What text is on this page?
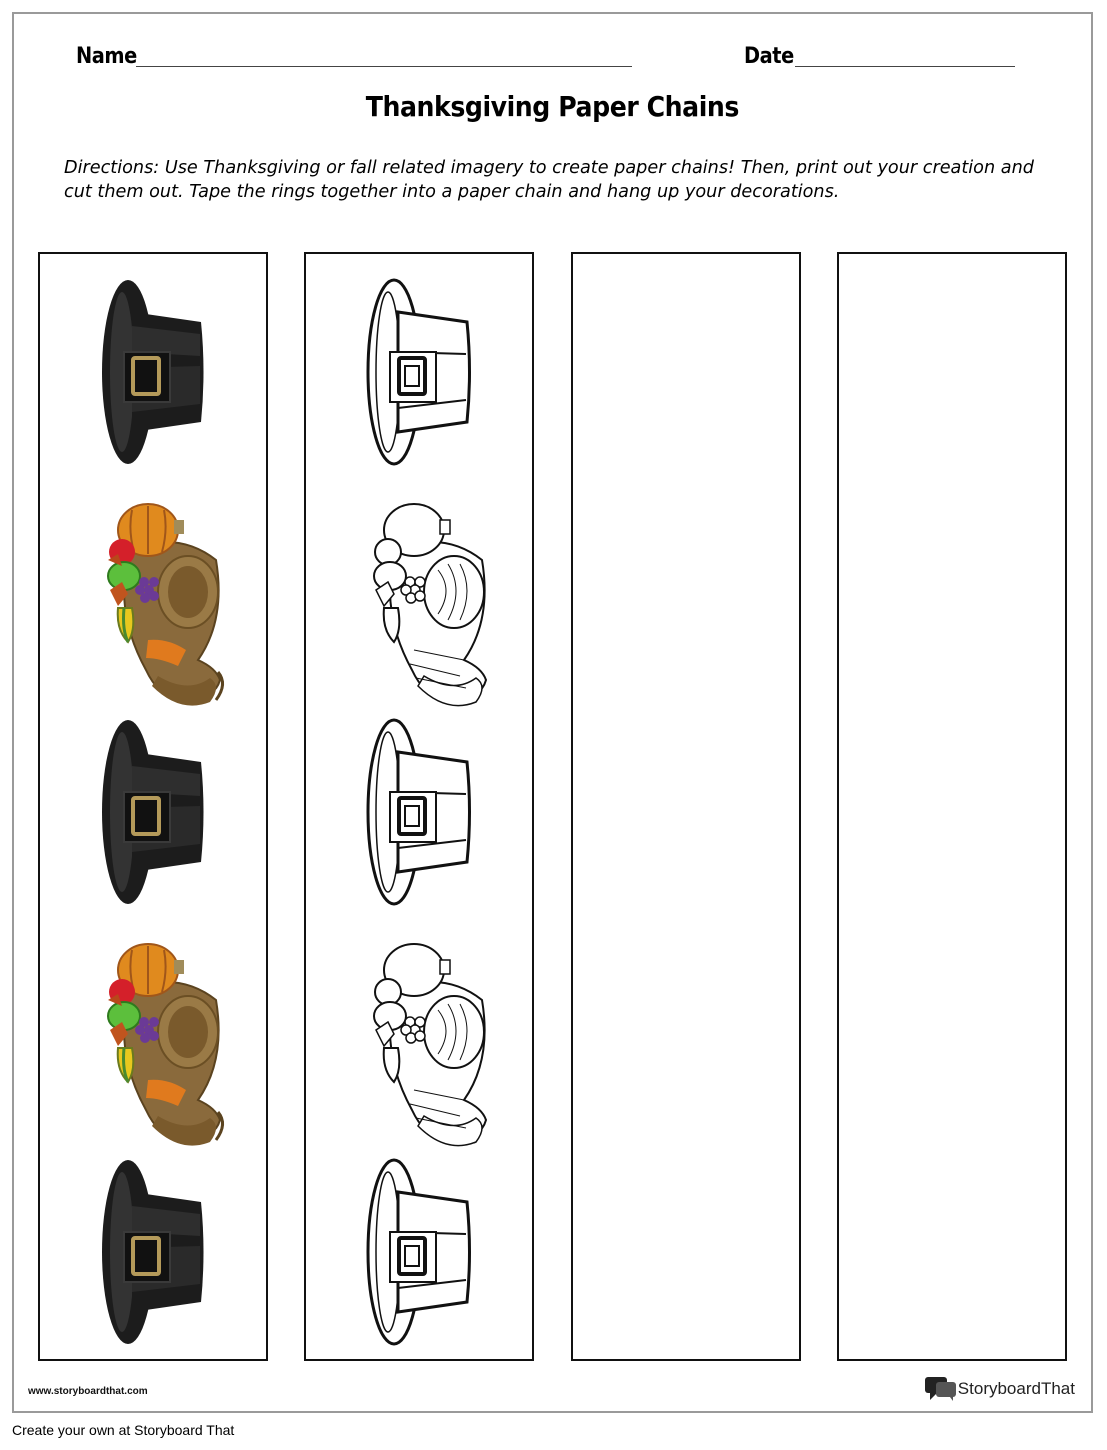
Name	Date
Thanksgiving Paper Chains
Directions: Use Thanksgiving or fall related imagery to create paper chains! Then, print out your creation and cut them out. Tape the rings together into a paper chain and hang up your decorations.
www.storyboardthat.com	StoryboardThat
Create your own at Storyboard That
